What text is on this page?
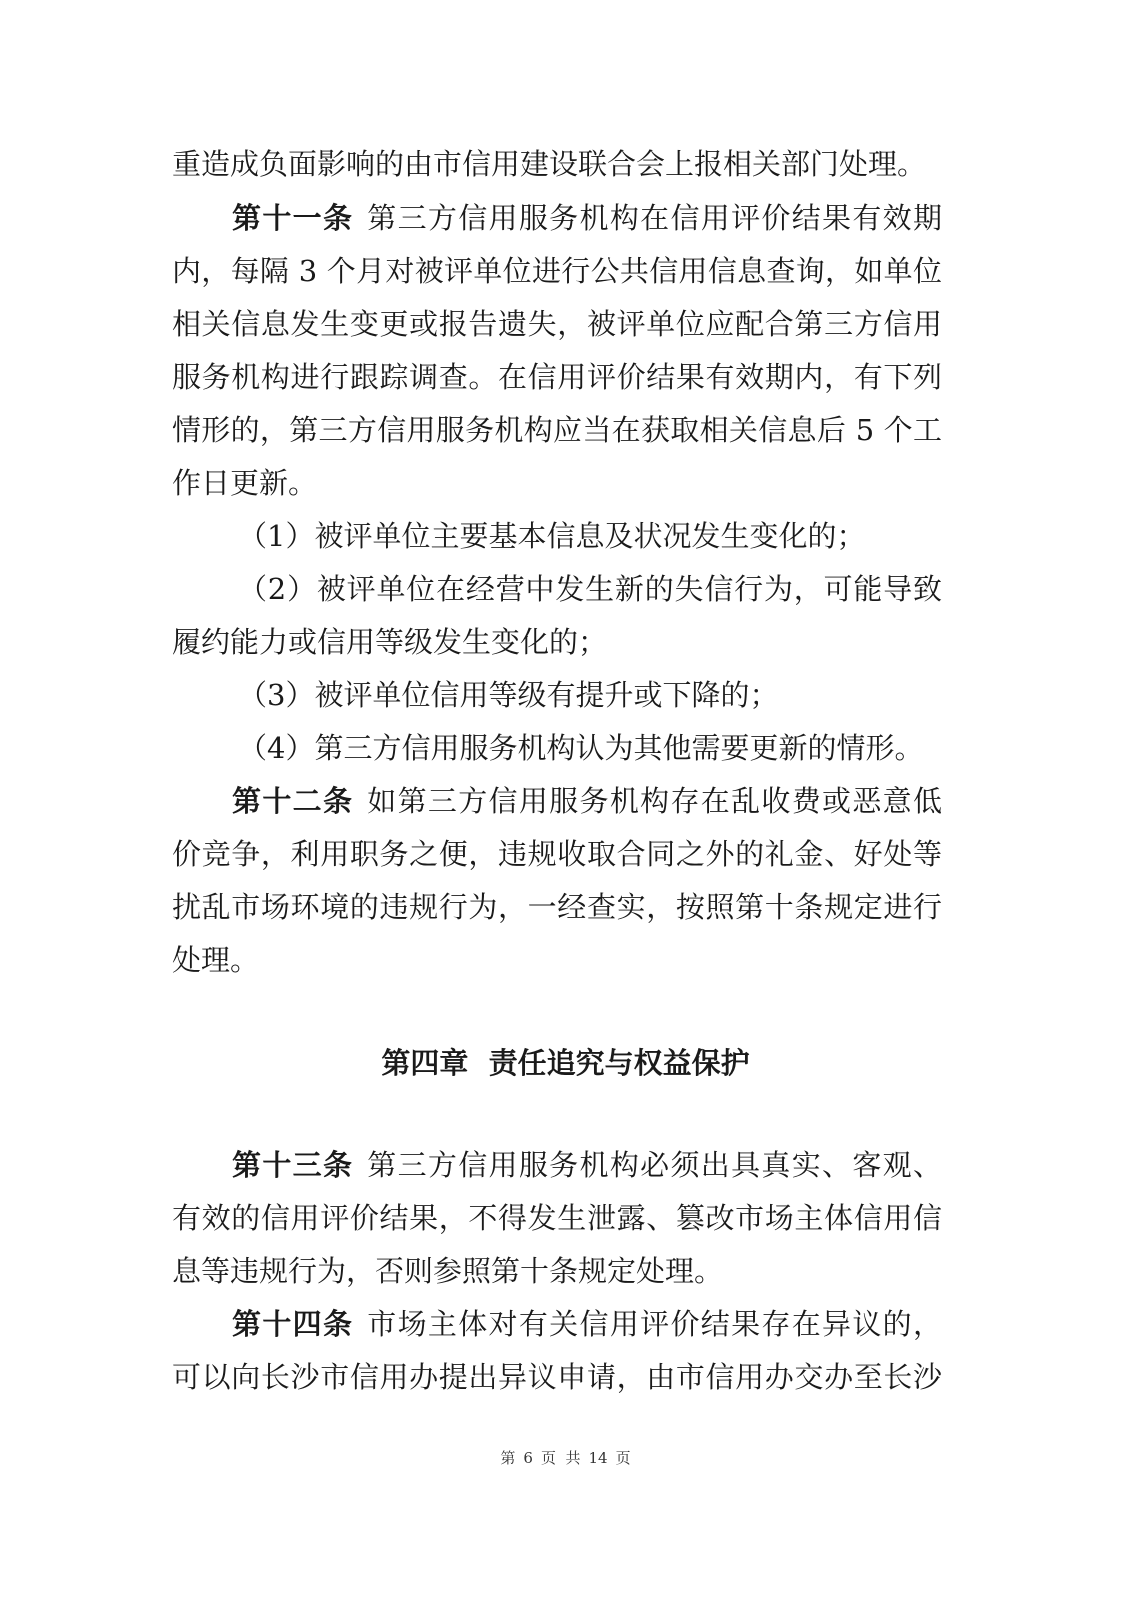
重造成负面影响的由市信用建设联合会上报相关部门处理。
第十一条 第三方信用服务机构在信用评价结果有效期
内，每隔 3 个月对被评单位进行公共信用信息查询，如单位
相关信息发生变更或报告遗失，被评单位应配合第三方信用
服务机构进行跟踪调查。在信用评价结果有效期内，有下列
情形的，第三方信用服务机构应当在获取相关信息后 5 个工
作日更新。
（1）被评单位主要基本信息及状况发生变化的；
（2）被评单位在经营中发生新的失信行为，可能导致
履约能力或信用等级发生变化的；
（3）被评单位信用等级有提升或下降的；
（4）第三方信用服务机构认为其他需要更新的情形。
第十二条 如第三方信用服务机构存在乱收费或恶意低
价竞争，利用职务之便，违规收取合同之外的礼金、好处等
扰乱市场环境的违规行为，一经查实，按照第十条规定进行
处理。
第四章  责任追究与权益保护
第十三条 第三方信用服务机构必须出具真实、客观、
有效的信用评价结果，不得发生泄露、篡改市场主体信用信
息等违规行为，否则参照第十条规定处理。
第十四条 市场主体对有关信用评价结果存在异议的，
可以向长沙市信用办提出异议申请，由市信用办交办至长沙
第 6 页  共 14 页
